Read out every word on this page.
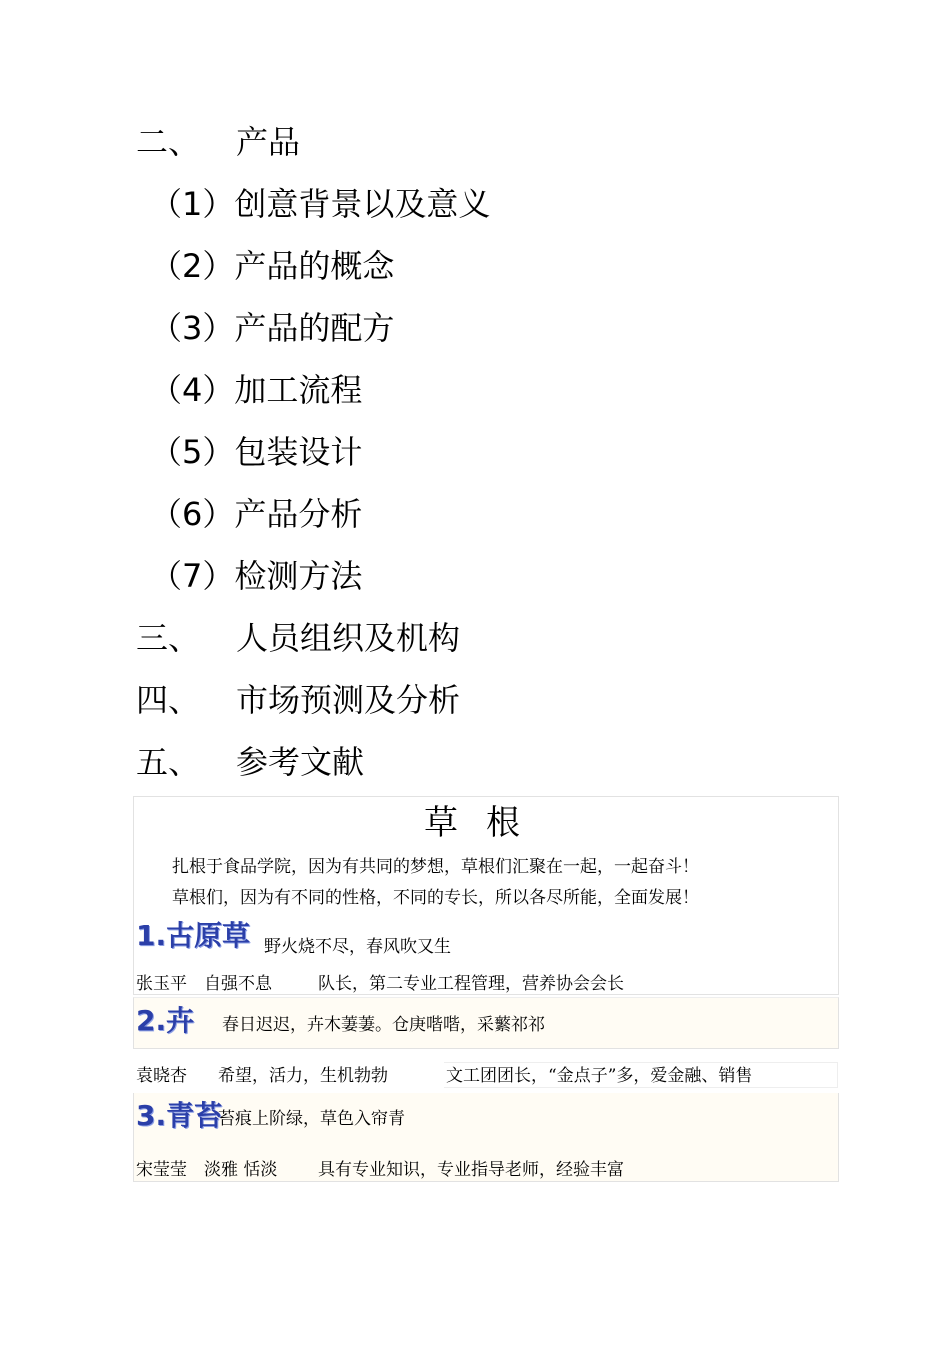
二、 产品
（1）创意背景以及意义
（2）产品的概念
（3）产品的配方
（4）加工流程
（5）包装设计
（6）产品分析
（7）检测方法
三、 人员组织及机构
四、 市场预测及分析
五、 参考文献
草根
扎根于食品学院，因为有共同的梦想，草根们汇聚在一起，一起奋斗！
草根们，因为有不同的性格，不同的专长，所以各尽所能，全面发展！
1.古原草 野火烧不尽，春风吹又生
张玉平 自强不息	队长，第二专业工程管理，营养协会会长
2.卉 春日迟迟，卉木萋萋。仓庚喈喈，采蘩祁祁
袁晓杏 希望，活力，生机勃勃	文工团团长，“金点子”多，爱金融、销售
3.青苔
苔痕上阶绿，草色入帘青
宋莹莹 淡雅 恬淡 具有专业知识，专业指导老师，经验丰富
